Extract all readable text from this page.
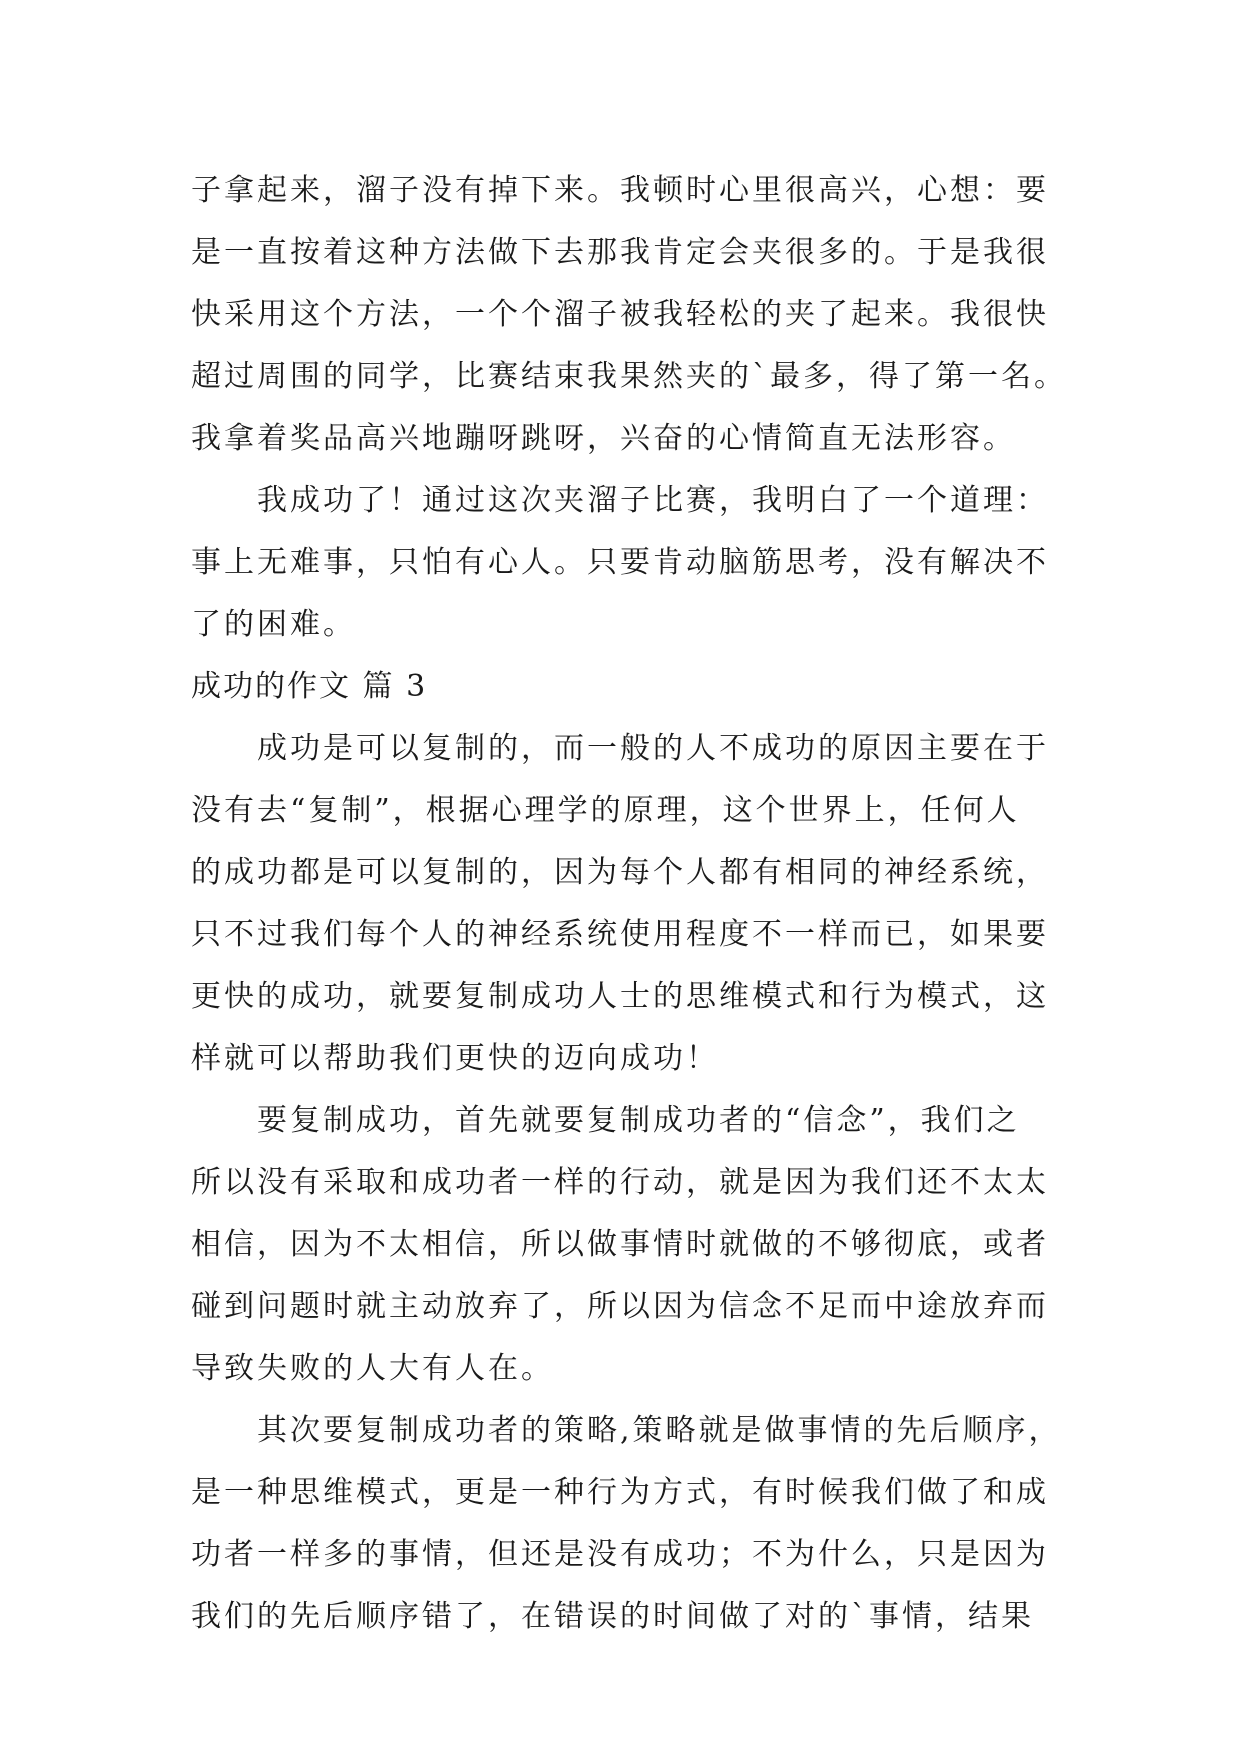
子拿起来，溜子没有掉下来。我顿时心里很高兴，心想：要
是一直按着这种方法做下去那我肯定会夹很多的。于是我很
快采用这个方法，一个个溜子被我轻松的夹了起来。我很快
超过周围的同学，比赛结束我果然夹的`最多，得了第一名。
我拿着奖品高兴地蹦呀跳呀，兴奋的心情简直无法形容。
我成功了！通过这次夹溜子比赛，我明白了一个道理：
事上无难事，只怕有心人。只要肯动脑筋思考，没有解决不
了的困难。
成功的作文 篇 3
成功是可以复制的，而一般的人不成功的原因主要在于
没有去“复制”，根据心理学的原理，这个世界上，任何人
的成功都是可以复制的，因为每个人都有相同的神经系统，
只不过我们每个人的神经系统使用程度不一样而已，如果要
更快的成功，就要复制成功人士的思维模式和行为模式，这
样就可以帮助我们更快的迈向成功！
要复制成功，首先就要复制成功者的“信念”，我们之
所以没有采取和成功者一样的行动，就是因为我们还不太太
相信，因为不太相信，所以做事情时就做的不够彻底，或者
碰到问题时就主动放弃了，所以因为信念不足而中途放弃而
导致失败的人大有人在。
其次要复制成功者的策略,策略就是做事情的先后顺序，
是一种思维模式，更是一种行为方式，有时候我们做了和成
功者一样多的事情，但还是没有成功；不为什么，只是因为
我们的先后顺序错了，在错误的时间做了对的`事情，结果
